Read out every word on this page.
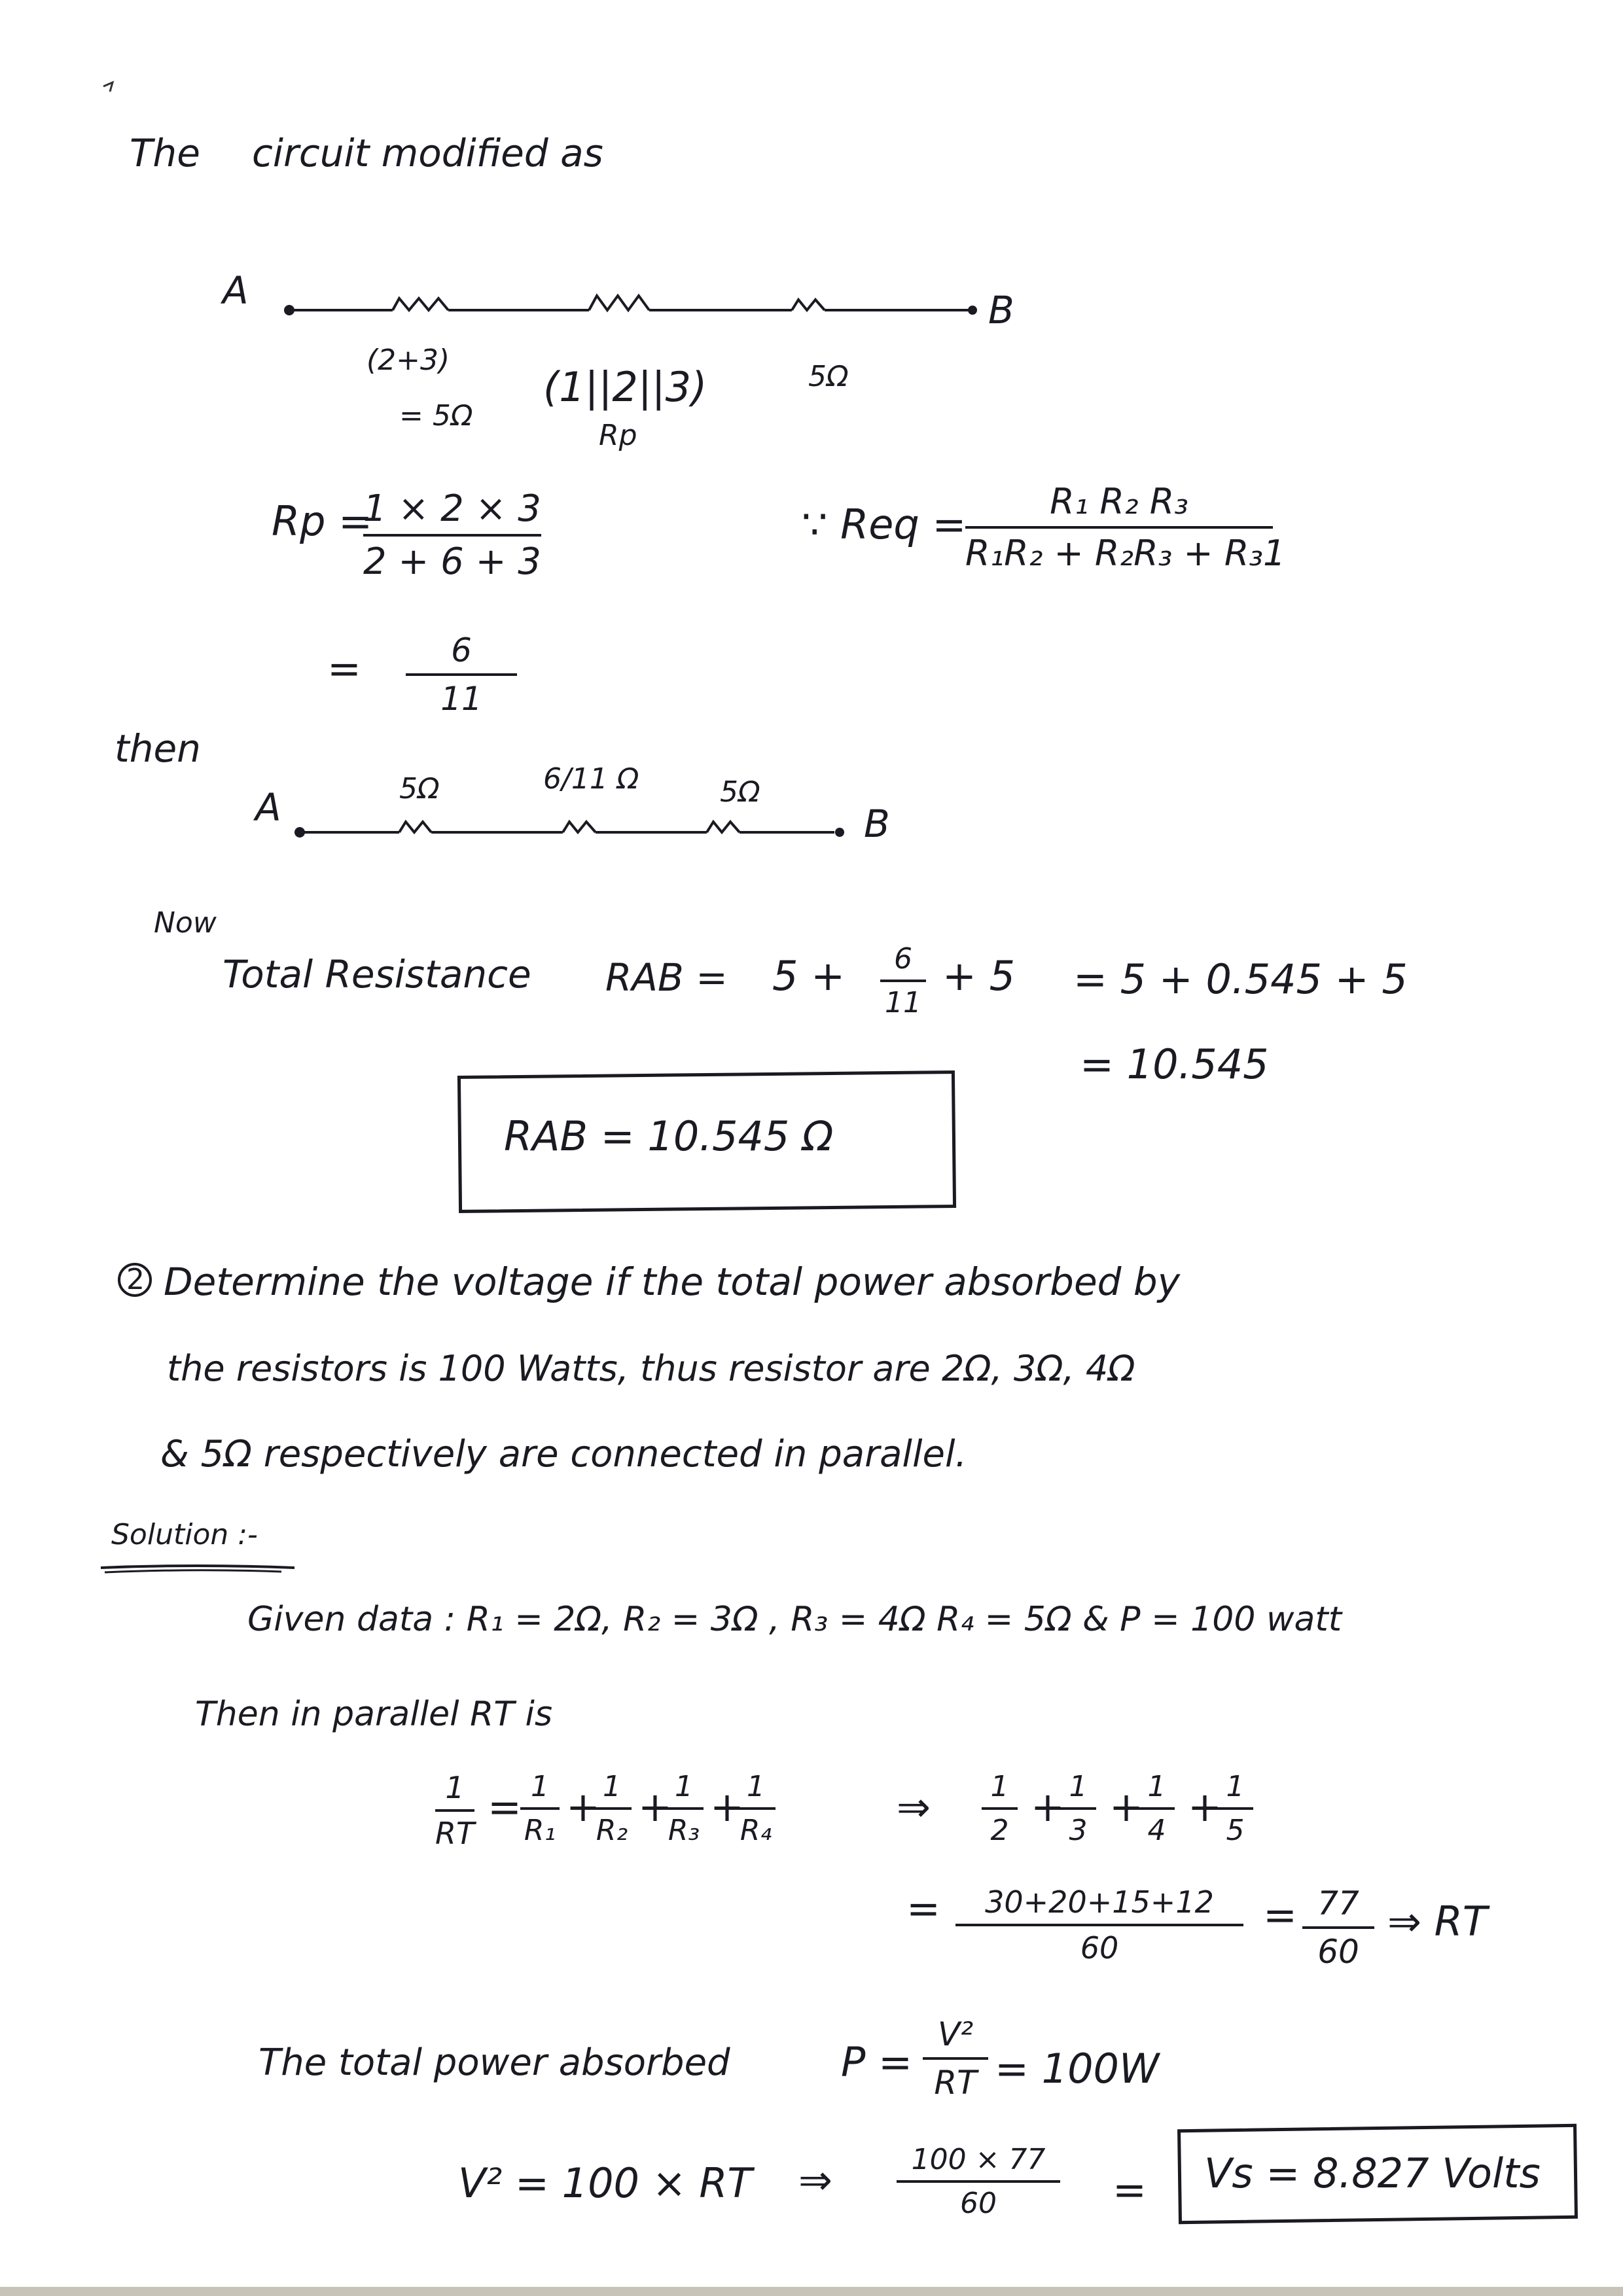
The circuit modified as
A	B
(2+3)
= 5Ω
(1||2||3)
Rp
5Ω
Rp =
1 × 2 × 3
2 + 6 + 3
=	6
11
∵ Req =	R₁ R₂ R₃
R₁R₂ + R₂R₃ + R₃1
then
A	B
5Ω	6/11 Ω	5Ω
Now
Total Resistance RAB = 5 +	6
11
+ 5 = 5 + 0.545 + 5
= 10.545
RAB = 10.545 Ω
2 Determine the voltage if the total power absorbed by
the resistors is 100 Watts, thus resistor are 2Ω, 3Ω, 4Ω
& 5Ω respectively are connected in parallel.
Solution :-
Given data : R₁ = 2Ω, R₂ = 3Ω , R₃ = 4Ω R₄ = 5Ω & P = 100 watt
Then in parallel RT is
1
RT
= 1
R₁ + 1
R₂ + 1
R₃ + 1
R₄	⇒	1
2 + 1
3 + 1
4 + 1
5
=	30+20+15+12
60
= 77
60
⇒ RT
The total power absorbed	P =
V²
RT = 100W
V² = 100 × RT ⇒	100 × 77
60	= Vs = 8.827 Volts
